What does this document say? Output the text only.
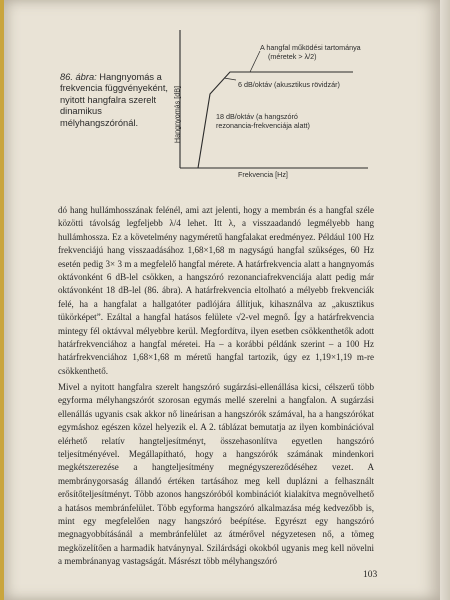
86. ábra: Hangnyomás a frekvencia függvényeként, nyitott hangfalra szerelt dinamikus mélyhangszórónál.	Hangnyomás [dB]
A hangfal működési tartománya
(méretek > λ/2)
6 dB/oktáv (akusztikus rövidzár)
18 dB/oktáv (a hangszóró
rezonancia-frekvenciája alatt)
Frekvencia [Hz]

dó hang hullámhosszának felénél, ami azt jelenti, hogy a membrán és a hangfal széle közötti távolság legfeljebb λ/4 lehet. Itt λ, a visszaadandó legmélyebb hang hullámhossza. Ez a követelmény nagyméretű hangfalakat eredményez. Például 100 Hz frekvenciájú hang visszaadásához 1,68×1,68 m nagyságú hangfal szükséges, 60 Hz esetén pedig 3× 3 m a megfelelő hangfal mérete. A határfrekvencia alatt a hangnyomás oktávonként 6 dB-lel csökken, a hangszóró rezonanciafrekvenciája alatt pedig már oktávonként 18 dB-lel (86. ábra). A határfrekvencia eltolható a mélyebb frekvenciák felé, ha a hangfalat a hallgatóter padlójára állítjuk, kihasználva az „akusztikus tükörképet”. Ezáltal a hangfal hatásos felülete √2-vel megnő. Így a határfrekvencia mintegy fél oktávval mélyebbre kerül. Megfordítva, ilyen esetben csökkenthetők adott határfrekvenciához a hangfal méretei. Ha – a korábbi példánk szerint – a 100 Hz határfrekvenciához 1,68×1,68 m méretű hangfal tartozik, úgy ez 1,19×1,19 m-re csökkenthető.

Mivel a nyitott hangfalra szerelt hangszóró sugárzási-ellenállása kicsi, célszerű több egyforma mélyhangszórót szorosan egymás mellé szerelni a hangfalon. A sugárzási ellenállás ugyanis csak akkor nő lineárisan a hangszórók számával, ha a hangszórókat egymáshoz egészen közel helyezik el. A 2. táblázat bemutatja az ilyen kombinációval elérhető relatív hangteljesítményt, összehasonlítva egyetlen hangszóró teljesítményével. Megállapítható, hogy a hangszórók számának mindenkori megkétszerezése a hangteljesítmény megnégyszereződéséhez vezet. A membránygorsaság állandó értéken tartásához meg kell duplázni a felhasznált erősítőteljesítményt. Több azonos hangszóróból kombinációt kialakítva megnövelhető a hatásos membránfelület. Több egyforma hangszóró alkalmazása még kedvezőbb is, mint egy megfelelően nagy hangszóró beépítése. Egyrészt egy hangszóró megnagyobbításánál a membránfelület az átmérővel négyzetesen nő, a tömeg megközelítően a harmadik hatványnyal. Szilárdsági okokból ugyanis meg kell növelni a membránanyag vastagságát. Másrészt több mélyhangszóró

103
